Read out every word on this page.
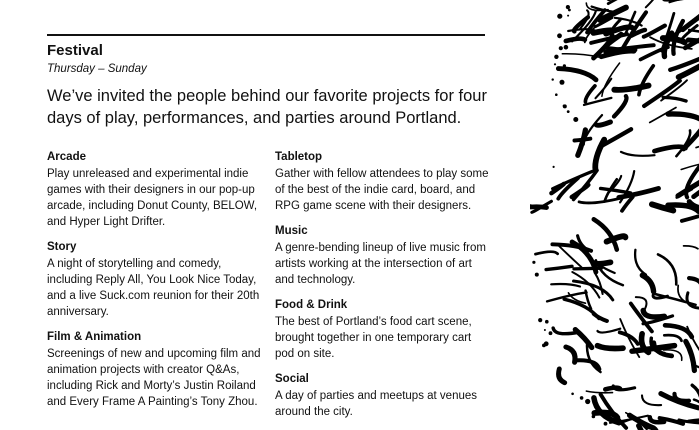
Festival
Thursday – Sunday

We’ve invited the people behind our favorite projects for four days of play, performances, and parties around Portland.

Arcade
Play unreleased and experimental indie
games with their designers in our pop-up
arcade, including Donut County, BELOW,
and Hyper Light Drifter.
Story
A night of storytelling and comedy,
including Reply All, You Look Nice Today,
and a live Suck.com reunion for their 20th
anniversary.
Film & Animation
Screenings of new and upcoming film and
animation projects with creator Q&As,
including Rick and Morty’s Justin Roiland
and Every Frame A Painting’s Tony Zhou.
Tabletop
Gather with fellow attendees to play some
of the best of the indie card, board, and
RPG game scene with their designers.
Music
A genre-bending lineup of live music from
artists working at the intersection of art
and technology.
Food & Drink
The best of Portland’s food cart scene,
brought together in one temporary cart
pod on site.
Social
A day of parties and meetups at venues
around the city.
